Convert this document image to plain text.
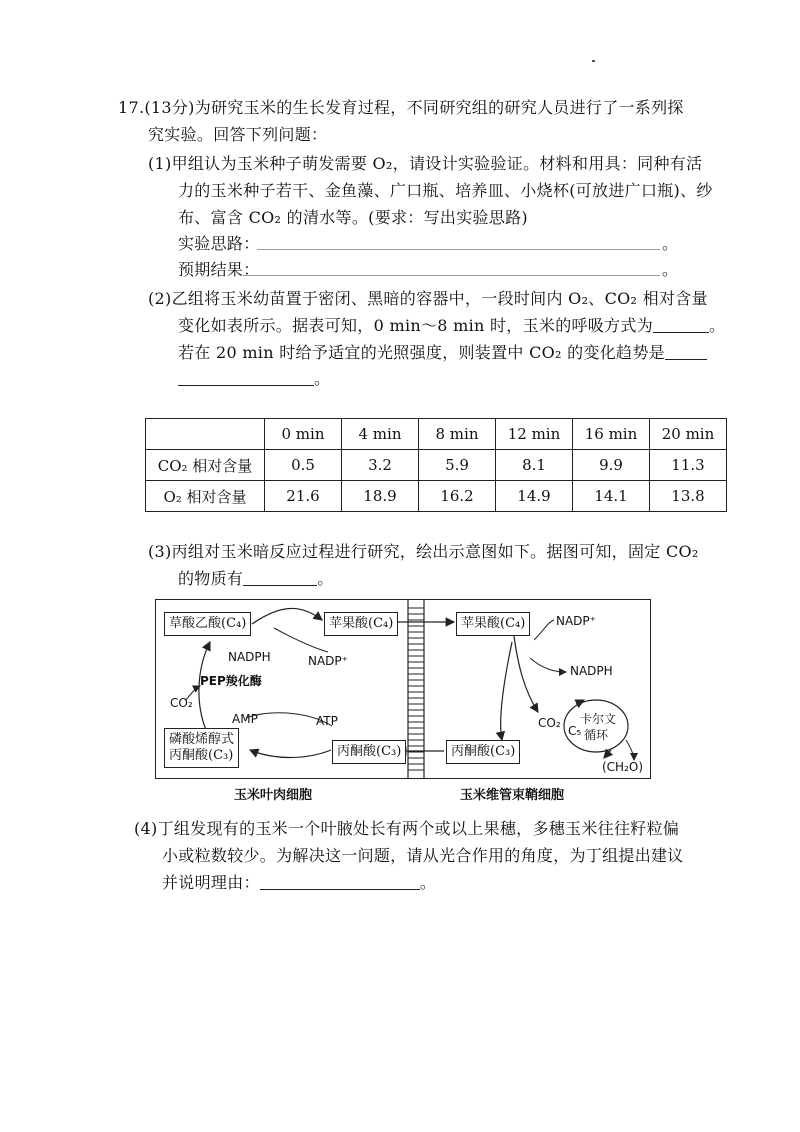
17.(13分)为研究玉米的生长发育过程，不同研究组的研究人员进行了一系列探
究实验。回答下列问题：
(1)甲组认为玉米种子萌发需要 O₂，请设计实验验证。材料和用具：同种有活
力的玉米种子若干、金鱼藻、广口瓶、培养皿、小烧杯(可放进广口瓶)、纱
布、富含 CO₂ 的清水等。(要求：写出实验思路)
实验思路：	。
预期结果：	。
(2)乙组将玉米幼苗置于密闭、黑暗的容器中，一段时间内 O₂、CO₂ 相对含量
变化如表所示。据表可知，0 min～8 min 时，玉米的呼吸方式为	。
若在 20 min 时给予适宜的光照强度，则装置中 CO₂ 的变化趋势是
。
	0 min	4 min	8 min	12 min	16 min	20 min
CO₂ 相对含量	0.5	3.2	5.9	8.1	9.9	11.3
O₂ 相对含量	21.6	18.9	16.2	14.9	14.1	13.8
(3)丙组对玉米暗反应过程进行研究，绘出示意图如下。据图可知，固定 CO₂
的物质有	。
草酸乙酸(C₄)	苹果酸(C₄)	苹果酸(C₄)
磷酸烯醇式
丙酮酸(C₃)	丙酮酸(C₃)	丙酮酸(C₃)
NADPH	NADP⁺
PEP羧化酶
CO₂
AMP	ATP
NADP⁺
NADPH
CO₂
C₅
卡尔文
循环
(CH₂O)
玉米叶肉细胞	玉米维管束鞘细胞
(4)丁组发现有的玉米一个叶腋处长有两个或以上果穗，多穗玉米往往籽粒偏
小或粒数较少。为解决这一问题，请从光合作用的角度，为丁组提出建议
并说明理由：	。
